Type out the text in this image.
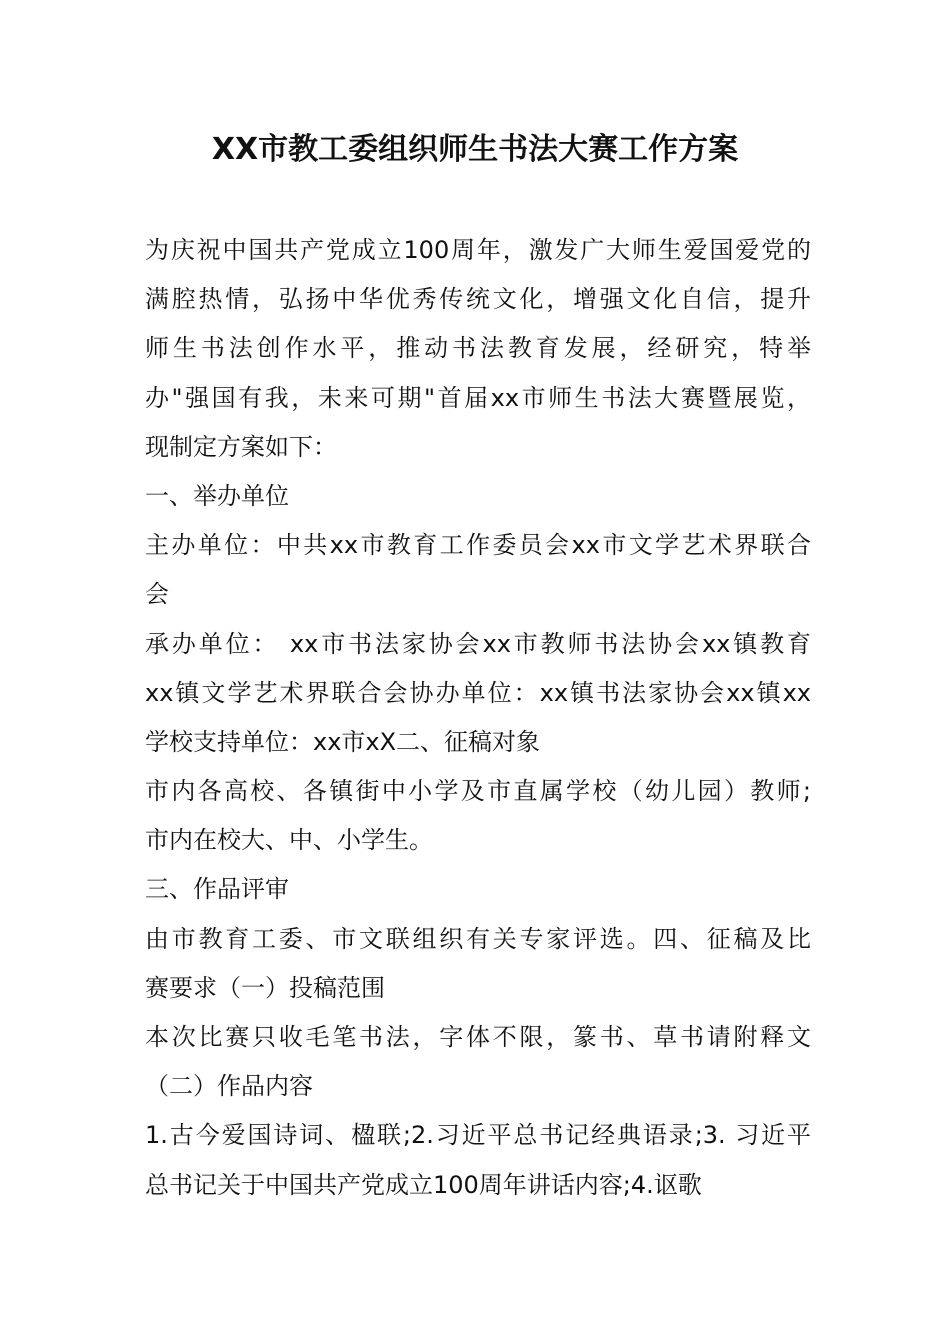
XX市教工委组织师生书法大赛工作方案
为庆祝中国共产党成立100周年，激发广大师生爱国爱党的
满腔热情，弘扬中华优秀传统文化，增强文化自信，提升
师生书法创作水平，推动书法教育发展，经研究，特举
办"强国有我，未来可期"首届xx市师生书法大赛暨展览，
现制定方案如下：
一、举办单位
主办单位：中共xx市教育工作委员会xx市文学艺术界联合
会
承办单位： xx市书法家协会xx市教师书法协会xx镇教育
xx镇文学艺术界联合会协办单位：xx镇书法家协会xx镇xx
学校支持单位：xx市xX二、征稿对象
市内各高校、各镇街中小学及市直属学校（幼儿园）教师;
市内在校大、中、小学生。
三、作品评审
由市教育工委、市文联组织有关专家评选。四、征稿及比
赛要求（一）投稿范围
本次比赛只收毛笔书法，字体不限，篆书、草书请附释文
（二）作品内容
1.古今爱国诗词、楹联;2.习近平总书记经典语录;3. 习近平
总书记关于中国共产党成立100周年讲话内容;4.讴歌
